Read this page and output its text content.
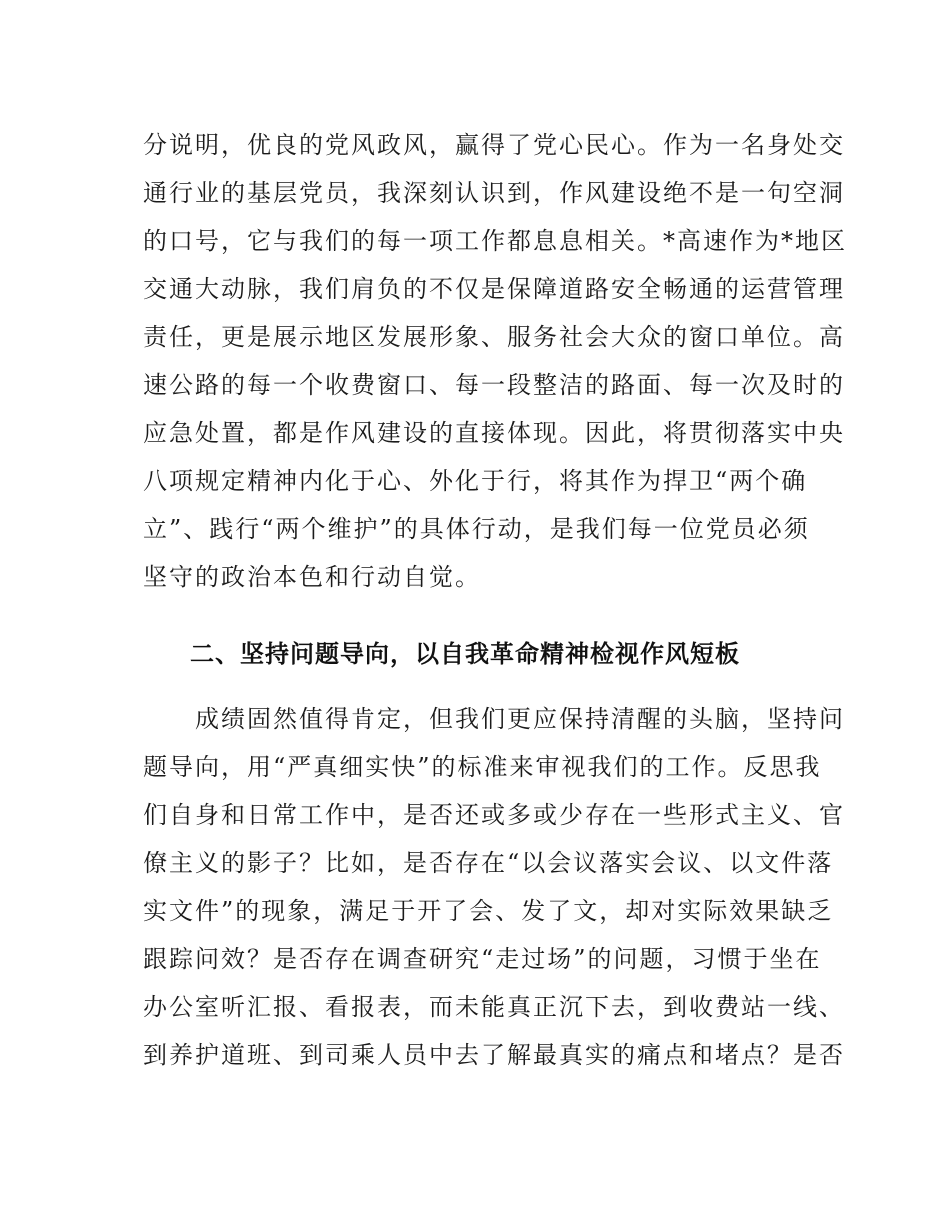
分说明，优良的党风政风，赢得了党心民心。作为一名身处交
通行业的基层党员，我深刻认识到，作风建设绝不是一句空洞
的口号，它与我们的每一项工作都息息相关。*高速作为*地区
交通大动脉，我们肩负的不仅是保障道路安全畅通的运营管理
责任，更是展示地区发展形象、服务社会大众的窗口单位。高
速公路的每一个收费窗口、每一段整洁的路面、每一次及时的
应急处置，都是作风建设的直接体现。因此，将贯彻落实中央
八项规定精神内化于心、外化于行，将其作为捍卫“两个确
立”、践行“两个维护”的具体行动，是我们每一位党员必须
坚守的政治本色和行动自觉。
二、坚持问题导向，以自我革命精神检视作风短板
　　成绩固然值得肯定，但我们更应保持清醒的头脑，坚持问
题导向，用“严真细实快”的标准来审视我们的工作。反思我
们自身和日常工作中，是否还或多或少存在一些形式主义、官
僚主义的影子？比如，是否存在“以会议落实会议、以文件落
实文件”的现象，满足于开了会、发了文，却对实际效果缺乏
跟踪问效？是否存在调查研究“走过场”的问题，习惯于坐在
办公室听汇报、看报表，而未能真正沉下去，到收费站一线、
到养护道班、到司乘人员中去了解最真实的痛点和堵点？是否
